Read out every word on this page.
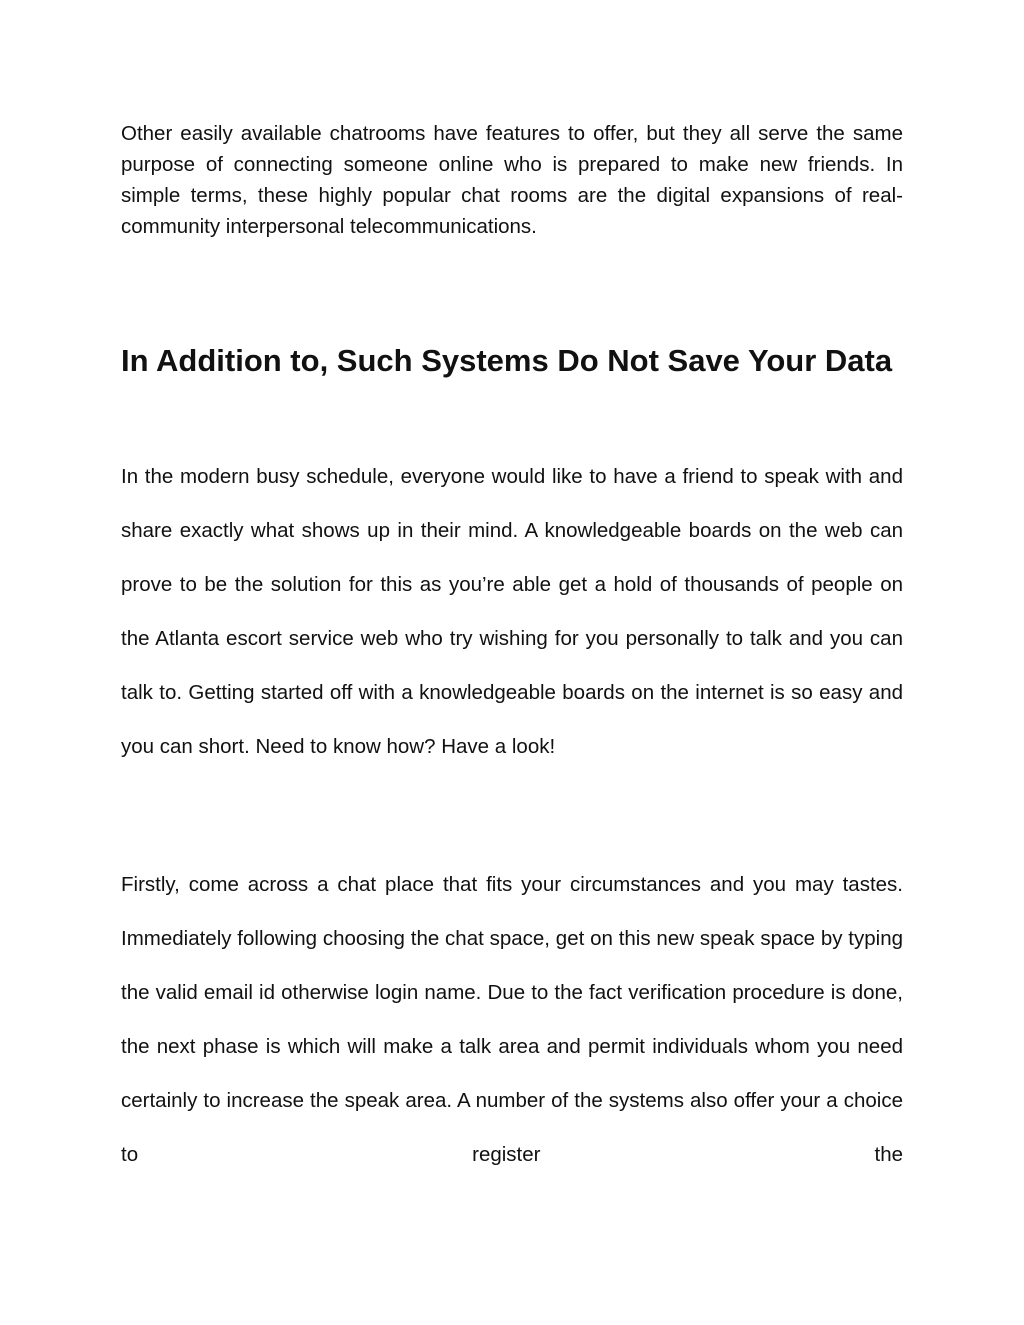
Other easily available chatrooms have features to offer, but they all serve the same purpose of connecting someone online who is prepared to make new friends. In simple terms, these highly popular chat rooms are the digital expansions of real-community interpersonal telecommunications.

In Addition to, Such Systems Do Not Save Your Data

In the modern busy schedule, everyone would like to have a friend to speak with and share exactly what shows up in their mind. A knowledgeable boards on the web can prove to be the solution for this as you’re able get a hold of thousands of people on the Atlanta escort service web who try wishing for you personally to talk and you can talk to. Getting started off with a knowledgeable boards on the internet is so easy and you can short. Need to know how? Have a look!

Firstly, come across a chat place that fits your circumstances and you may tastes. Immediately following choosing the chat space, get on this new speak space by typing the valid email id otherwise login name. Due to the fact verification procedure is done, the next phase is which will make a talk area and permit individuals whom you need certainly to increase the speak area. A number of the systems also offer your a choice to register the
